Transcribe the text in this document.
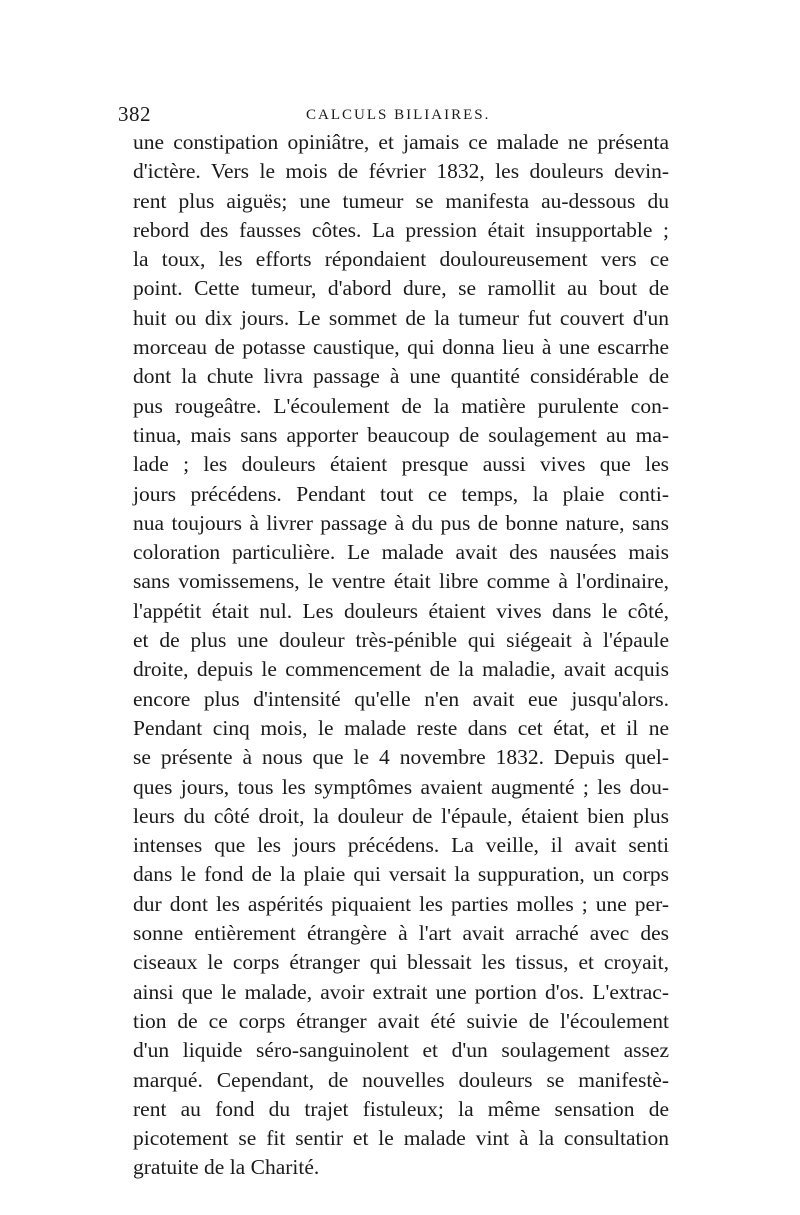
382	CALCULS BILIAIRES.
une constipation opiniâtre, et jamais ce malade ne présenta
d'ictère. Vers le mois de février 1832, les douleurs devin-
rent plus aiguës; une tumeur se manifesta au-dessous du
rebord des fausses côtes. La pression était insupportable ;
la toux, les efforts répondaient douloureusement vers ce
point. Cette tumeur, d'abord dure, se ramollit au bout de
huit ou dix jours. Le sommet de la tumeur fut couvert d'un
morceau de potasse caustique, qui donna lieu à une escarrhe
dont la chute livra passage à une quantité considérable de
pus rougeâtre. L'écoulement de la matière purulente con-
tinua, mais sans apporter beaucoup de soulagement au ma-
lade ; les douleurs étaient presque aussi vives que les
jours précédens. Pendant tout ce temps, la plaie conti-
nua toujours à livrer passage à du pus de bonne nature, sans
coloration particulière. Le malade avait des nausées mais
sans vomissemens, le ventre était libre comme à l'ordinaire,
l'appétit était nul. Les douleurs étaient vives dans le côté,
et de plus une douleur très-pénible qui siégeait à l'épaule
droite, depuis le commencement de la maladie, avait acquis
encore plus d'intensité qu'elle n'en avait eue jusqu'alors.
Pendant cinq mois, le malade reste dans cet état, et il ne
se présente à nous que le 4 novembre 1832. Depuis quel-
ques jours, tous les symptômes avaient augmenté ; les dou-
leurs du côté droit, la douleur de l'épaule, étaient bien plus
intenses que les jours précédens. La veille, il avait senti
dans le fond de la plaie qui versait la suppuration, un corps
dur dont les aspérités piquaient les parties molles ; une per-
sonne entièrement étrangère à l'art avait arraché avec des
ciseaux le corps étranger qui blessait les tissus, et croyait,
ainsi que le malade, avoir extrait une portion d'os. L'extrac-
tion de ce corps étranger avait été suivie de l'écoulement
d'un liquide séro-sanguinolent et d'un soulagement assez
marqué. Cependant, de nouvelles douleurs se manifestè-
rent au fond du trajet fistuleux; la même sensation de
picotement se fit sentir et le malade vint à la consultation
gratuite de la Charité.
